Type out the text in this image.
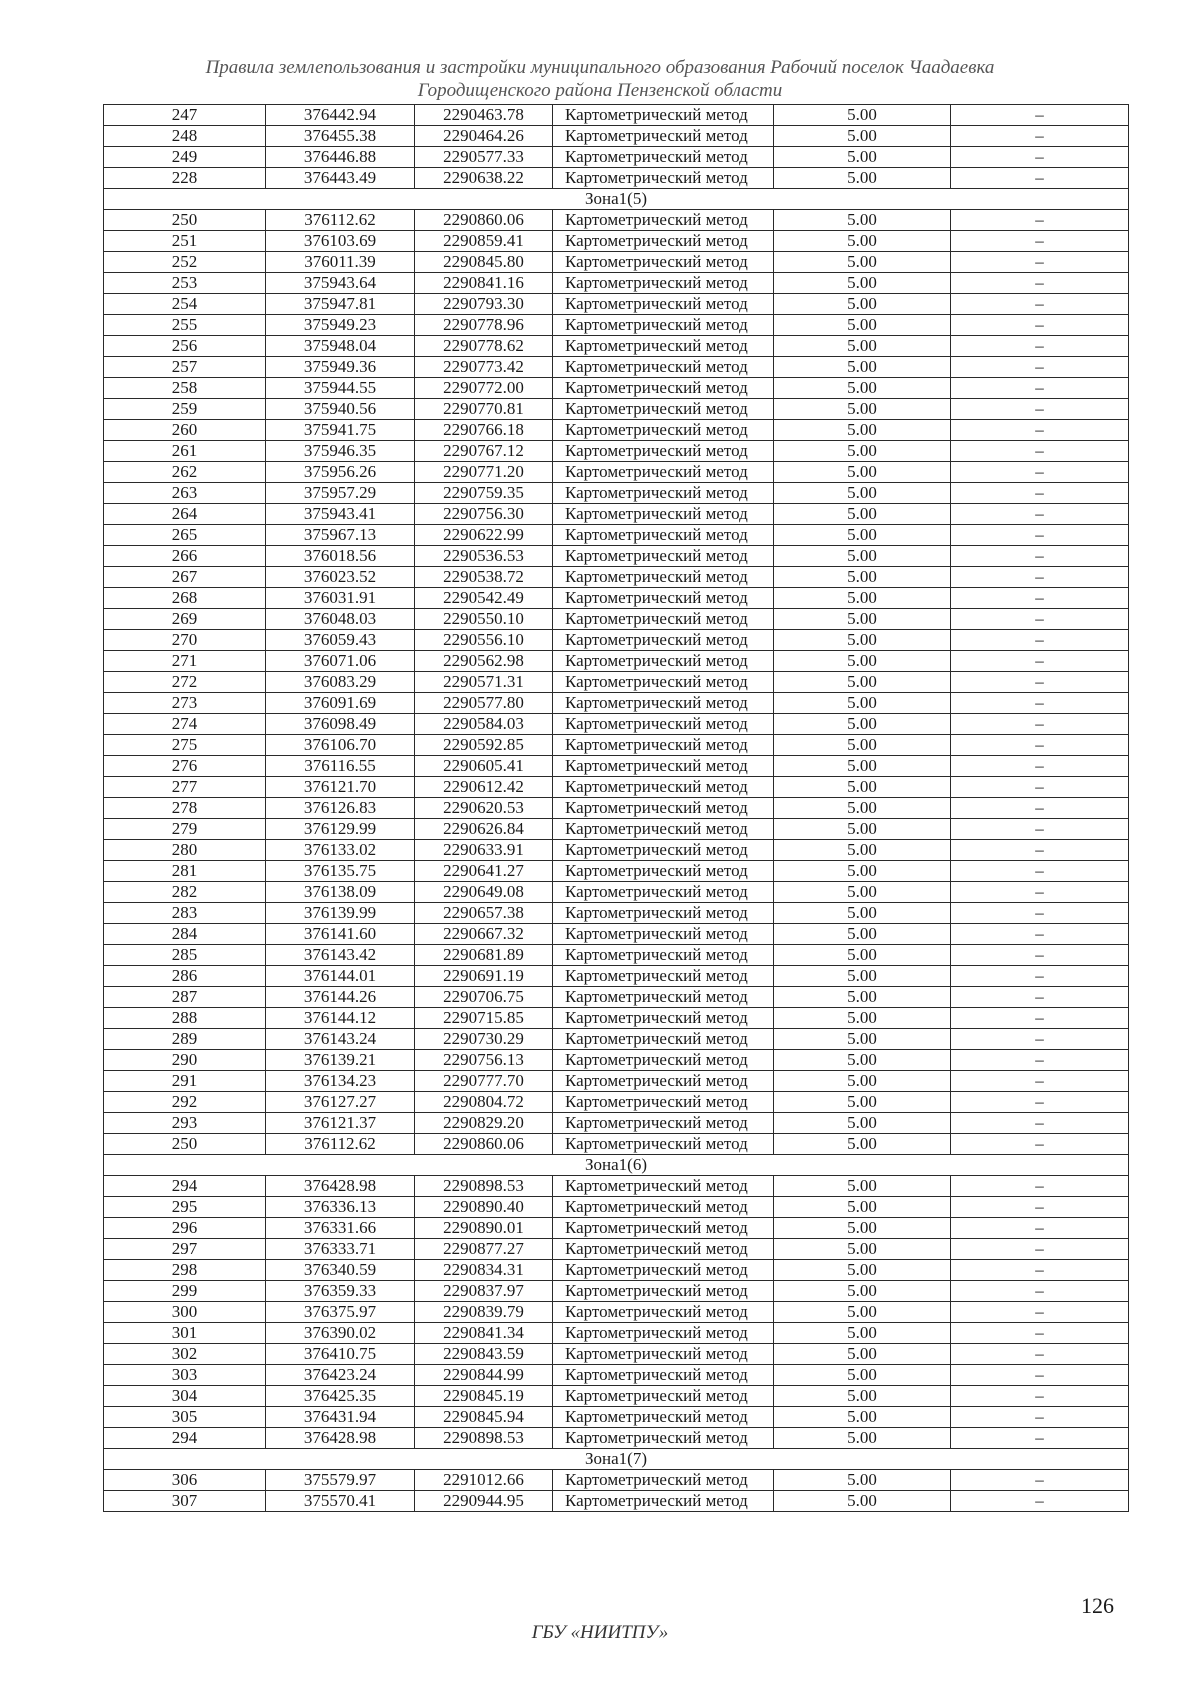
Правила землепользования и застройки муниципального образования Рабочий поселок Чаадаевка
Городищенского района Пензенской области
247	376442.94	2290463.78	Картометрический метод	5.00	–
248	376455.38	2290464.26	Картометрический метод	5.00	–
249	376446.88	2290577.33	Картометрический метод	5.00	–
228	376443.49	2290638.22	Картометрический метод	5.00	–
Зона1(5)					
250	376112.62	2290860.06	Картометрический метод	5.00	–
251	376103.69	2290859.41	Картометрический метод	5.00	–
252	376011.39	2290845.80	Картометрический метод	5.00	–
253	375943.64	2290841.16	Картометрический метод	5.00	–
254	375947.81	2290793.30	Картометрический метод	5.00	–
255	375949.23	2290778.96	Картометрический метод	5.00	–
256	375948.04	2290778.62	Картометрический метод	5.00	–
257	375949.36	2290773.42	Картометрический метод	5.00	–
258	375944.55	2290772.00	Картометрический метод	5.00	–
259	375940.56	2290770.81	Картометрический метод	5.00	–
260	375941.75	2290766.18	Картометрический метод	5.00	–
261	375946.35	2290767.12	Картометрический метод	5.00	–
262	375956.26	2290771.20	Картометрический метод	5.00	–
263	375957.29	2290759.35	Картометрический метод	5.00	–
264	375943.41	2290756.30	Картометрический метод	5.00	–
265	375967.13	2290622.99	Картометрический метод	5.00	–
266	376018.56	2290536.53	Картометрический метод	5.00	–
267	376023.52	2290538.72	Картометрический метод	5.00	–
268	376031.91	2290542.49	Картометрический метод	5.00	–
269	376048.03	2290550.10	Картометрический метод	5.00	–
270	376059.43	2290556.10	Картометрический метод	5.00	–
271	376071.06	2290562.98	Картометрический метод	5.00	–
272	376083.29	2290571.31	Картометрический метод	5.00	–
273	376091.69	2290577.80	Картометрический метод	5.00	–
274	376098.49	2290584.03	Картометрический метод	5.00	–
275	376106.70	2290592.85	Картометрический метод	5.00	–
276	376116.55	2290605.41	Картометрический метод	5.00	–
277	376121.70	2290612.42	Картометрический метод	5.00	–
278	376126.83	2290620.53	Картометрический метод	5.00	–
279	376129.99	2290626.84	Картометрический метод	5.00	–
280	376133.02	2290633.91	Картометрический метод	5.00	–
281	376135.75	2290641.27	Картометрический метод	5.00	–
282	376138.09	2290649.08	Картометрический метод	5.00	–
283	376139.99	2290657.38	Картометрический метод	5.00	–
284	376141.60	2290667.32	Картометрический метод	5.00	–
285	376143.42	2290681.89	Картометрический метод	5.00	–
286	376144.01	2290691.19	Картометрический метод	5.00	–
287	376144.26	2290706.75	Картометрический метод	5.00	–
288	376144.12	2290715.85	Картометрический метод	5.00	–
289	376143.24	2290730.29	Картометрический метод	5.00	–
290	376139.21	2290756.13	Картометрический метод	5.00	–
291	376134.23	2290777.70	Картометрический метод	5.00	–
292	376127.27	2290804.72	Картометрический метод	5.00	–
293	376121.37	2290829.20	Картометрический метод	5.00	–
250	376112.62	2290860.06	Картометрический метод	5.00	–
Зона1(6)					
294	376428.98	2290898.53	Картометрический метод	5.00	–
295	376336.13	2290890.40	Картометрический метод	5.00	–
296	376331.66	2290890.01	Картометрический метод	5.00	–
297	376333.71	2290877.27	Картометрический метод	5.00	–
298	376340.59	2290834.31	Картометрический метод	5.00	–
299	376359.33	2290837.97	Картометрический метод	5.00	–
300	376375.97	2290839.79	Картометрический метод	5.00	–
301	376390.02	2290841.34	Картометрический метод	5.00	–
302	376410.75	2290843.59	Картометрический метод	5.00	–
303	376423.24	2290844.99	Картометрический метод	5.00	–
304	376425.35	2290845.19	Картометрический метод	5.00	–
305	376431.94	2290845.94	Картометрический метод	5.00	–
294	376428.98	2290898.53	Картометрический метод	5.00	–
Зона1(7)					
306	375579.97	2291012.66	Картометрический метод	5.00	–
307	375570.41	2290944.95	Картометрический метод	5.00	–
126
ГБУ «НИИТПУ»
